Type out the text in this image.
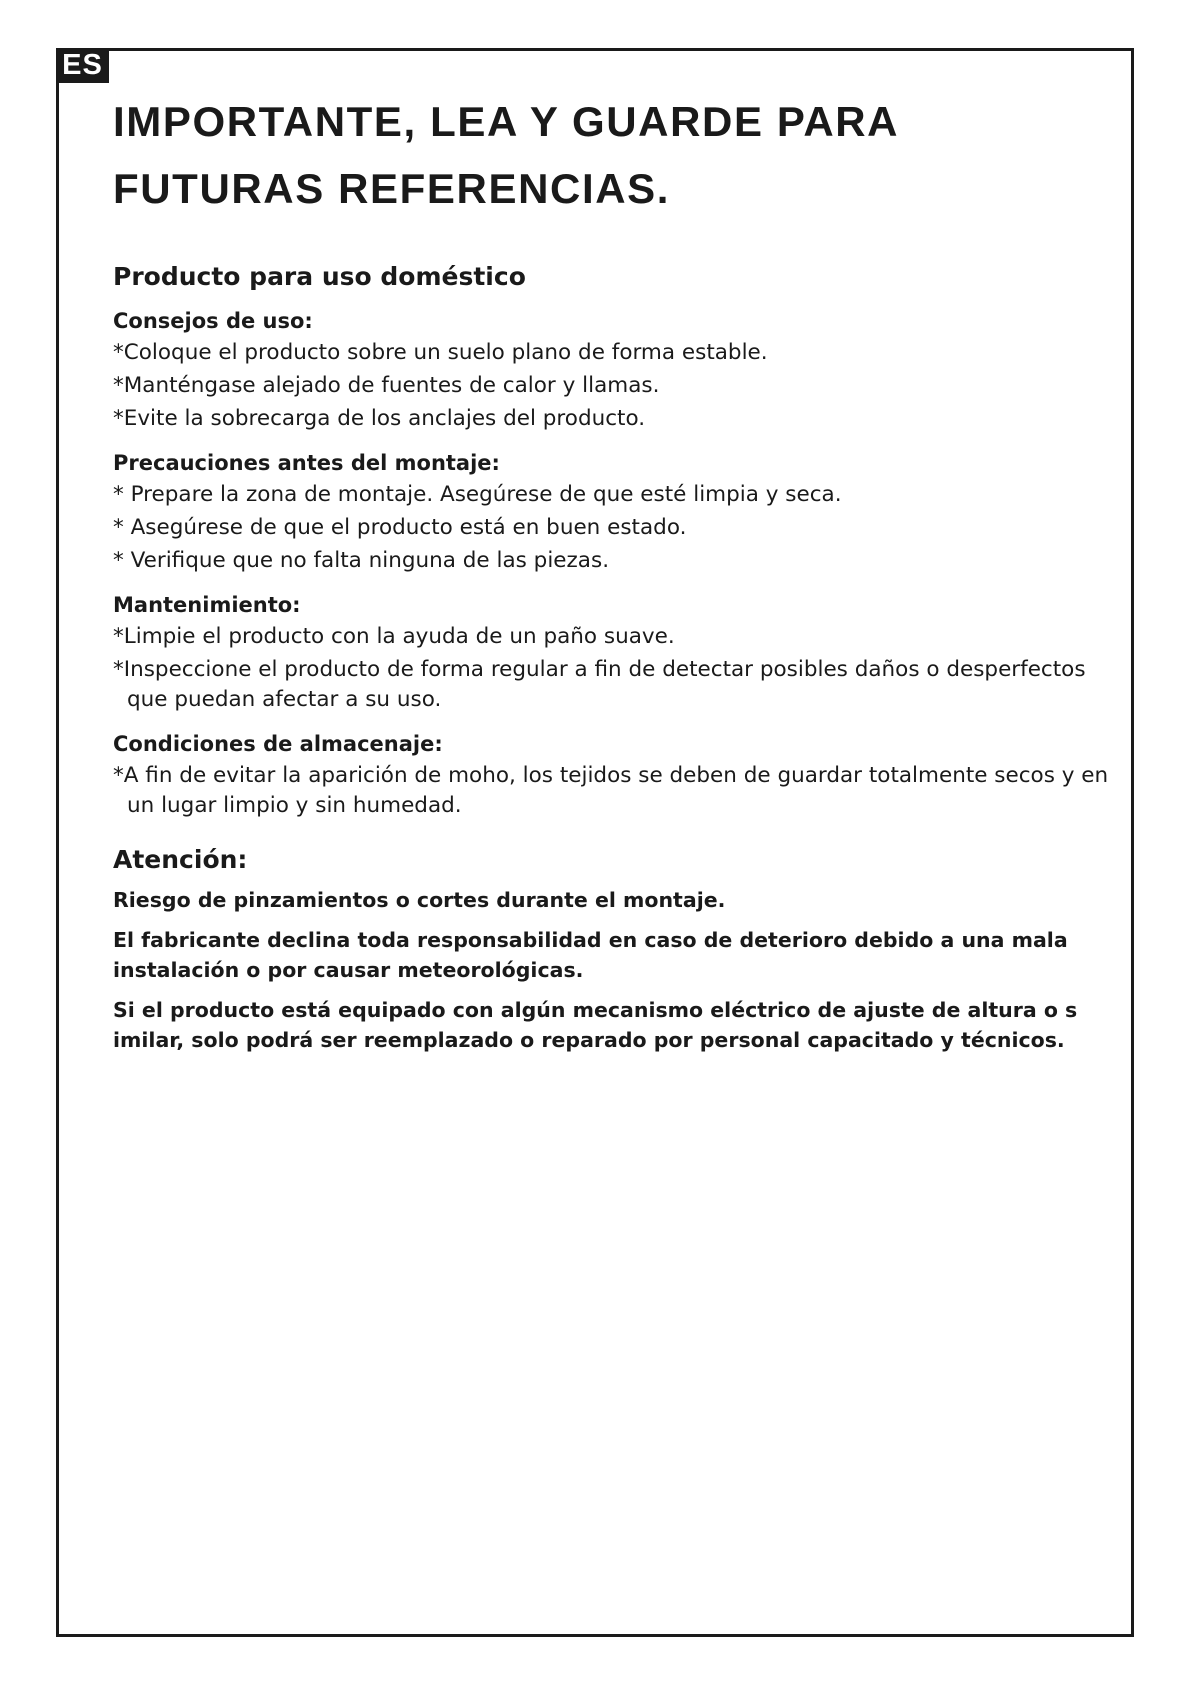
ES
IMPORTANTE, LEA Y GUARDE PARA
FUTURAS REFERENCIAS.
Producto para uso doméstico
Consejos de uso:
*Coloque el producto sobre un suelo plano de forma estable.
*Manténgase alejado de fuentes de calor y llamas.
*Evite la sobrecarga de los anclajes del producto.
Precauciones antes del montaje:
* Prepare la zona de montaje. Asegúrese de que esté limpia y seca.
* Asegúrese de que el producto está en buen estado.
* Verifique que no falta ninguna de las piezas.
Mantenimiento:
*Limpie el producto con la ayuda de un paño suave.
*Inspeccione el producto de forma regular a fin de detectar posibles daños o desperfectos que puedan afectar a su uso.
Condiciones de almacenaje:
*A fin de evitar la aparición de moho, los tejidos se deben de guardar totalmente secos y en un lugar limpio y sin humedad.
Atención:

Riesgo de pinzamientos o cortes durante el montaje.

El fabricante declina toda responsabilidad en caso de deterioro debido a una mala instalación o por causar meteorológicas.

Si el producto está equipado con algún mecanismo eléctrico de ajuste de altura o s imilar, solo podrá ser reemplazado o reparado por personal capacitado y técnicos.
